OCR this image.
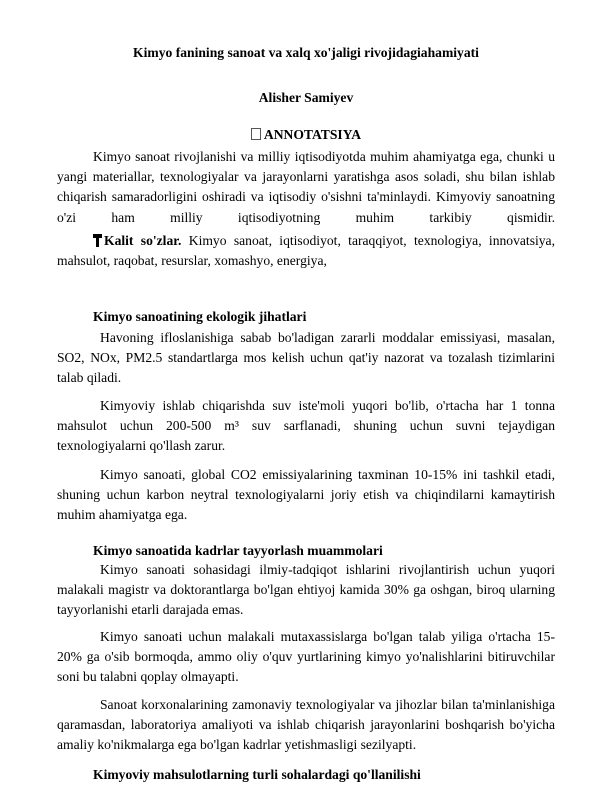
Kimyo fanining sanoat va xalq xo'jaligi rivojidagiahamiyati
Alisher Samiyev
ANNOTATSIYA
Kimyo sanoat rivojlanishi va milliy iqtisodiyotda muhim ahamiyatga ega, chunki u
yangi materiallar, texnologiyalar va jarayonlarni yaratishga asos soladi, shu bilan ishlab
chiqarish samaradorligini oshiradi va iqtisodiy o'sishni ta'minlaydi. Kimyoviy sanoatning
o'zi ham milliy iqtisodiyotning muhim tarkibiy qismidir.
Kalit so'zlar. Kimyo sanoat, iqtisodiyot, taraqqiyot, texnologiya, innovatsiya, mahsulot, raqobat, resurslar, xomashyo, energiya,
Kimyo sanoatining ekologik jihatlari
Havoning ifloslanishiga sabab bo'ladigan zararli moddalar emissiyasi, masalan, SO2, NOx, PM2.5 standartlarga mos kelish uchun qat'iy nazorat va tozalash tizimlarini talab qiladi.
Kimyoviy ishlab chiqarishda suv iste'moli yuqori bo'lib, o'rtacha har 1 tonna mahsulot uchun 200-500 m³ suv sarflanadi, shuning uchun suvni tejaydigan texnologiyalarni qo'llash zarur.
Kimyo sanoati, global CO2 emissiyalarining taxminan 10-15% ini tashkil etadi, shuning uchun karbon neytral texnologiyalarni joriy etish va chiqindilarni kamaytirish muhim ahamiyatga ega.
Kimyo sanoatida kadrlar tayyorlash muammolari
Kimyo sanoati sohasidagi ilmiy-tadqiqot ishlarini rivojlantirish uchun yuqori malakali magistr va doktorantlarga bo'lgan ehtiyoj kamida 30% ga oshgan, biroq ularning tayyorlanishi etarli darajada emas.
Kimyo sanoati uchun malakali mutaxassislarga bo'lgan talab yiliga o'rtacha 15-20% ga o'sib bormoqda, ammo oliy o'quv yurtlarining kimyo yo'nalishlarini bitiruvchilar soni bu talabni qoplay olmayapti.
Sanoat korxonalarining zamonaviy texnologiyalar va jihozlar bilan ta'minlanishiga qaramasdan, laboratoriya amaliyoti va ishlab chiqarish jarayonlarini boshqarish bo'yicha amaliy ko'nikmalarga ega bo'lgan kadrlar yetishmasligi sezilyapti.
Kimyoviy mahsulotlarning turli sohalardagi qo'llanilishi
